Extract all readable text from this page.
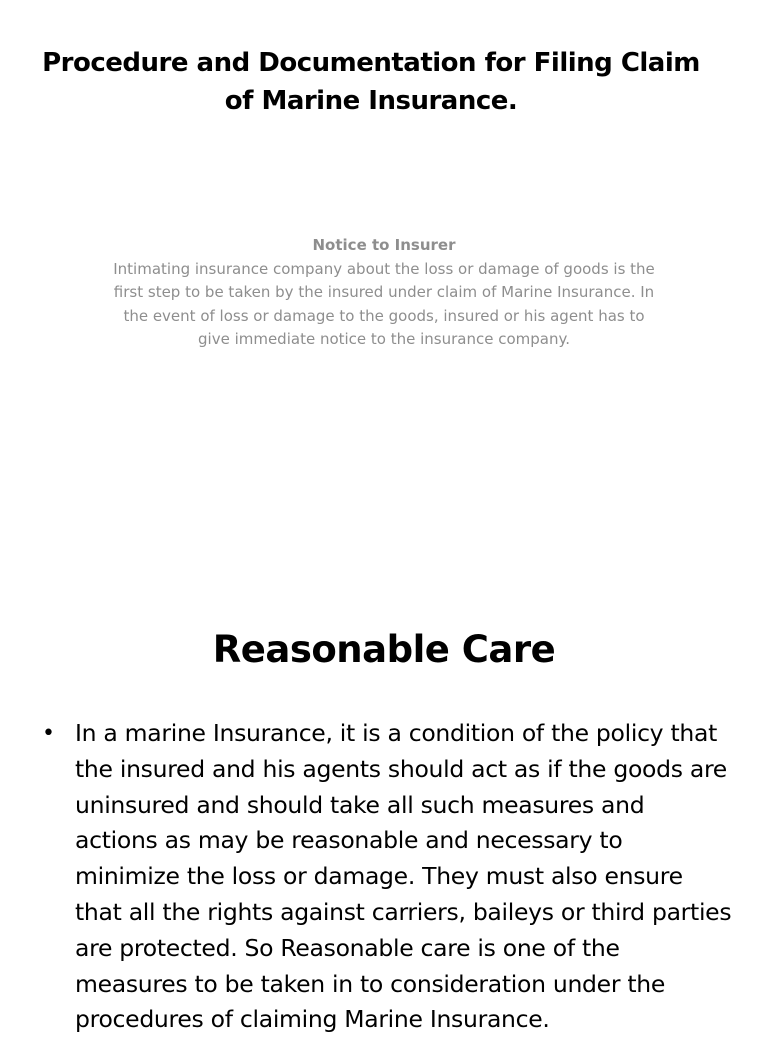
Procedure and Documentation for Filing Claim of Marine Insurance.
Notice to Insurer
Intimating insurance company about the loss or damage of goods is the first step to be taken by the insured under claim of Marine Insurance. In the event of loss or damage to the goods, insured or his agent has to give immediate notice to the insurance company.
Reasonable Care
• In a marine Insurance, it is a condition of the policy that the insured and his agents should act as if the goods are uninsured and should take all such measures and actions as may be reasonable and necessary to minimize the loss or damage. They must also ensure that all the rights against carriers, baileys or third parties are protected. So Reasonable care is one of the measures to be taken in to consideration under the procedures of claiming Marine Insurance.
